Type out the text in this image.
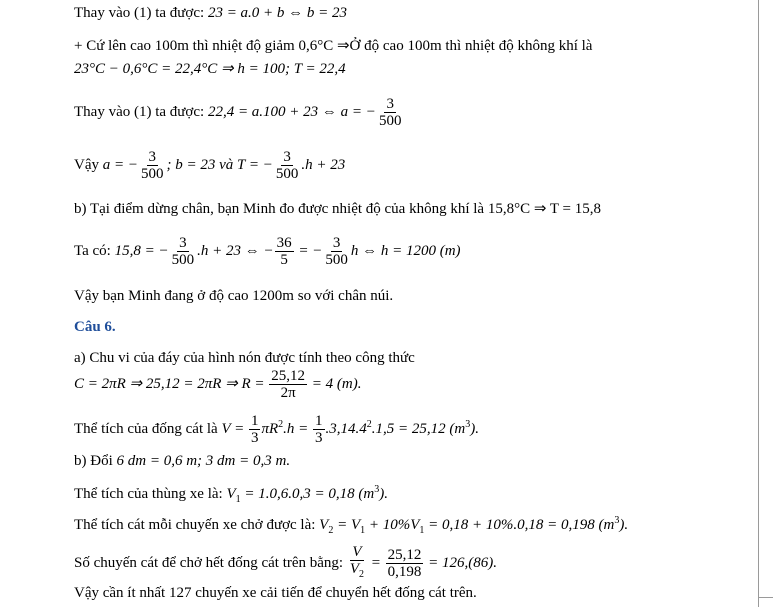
Thay vào (1) ta được: 23 = a.0 + b ⇔ b = 23
+ Cứ lên cao 100m thì nhiệt độ giảm 0,6°C ⇒Ở độ cao 100m thì nhiệt độ không khí là
23°C − 0,6°C = 22,4°C ⇒ h = 100; T = 22,4
Thay vào (1) ta được: 22,4 = a.100 + 23 ⇔ a = − $\frac{3}{500}$
Vậy a = − $\frac{3}{500}$ ; b = 23 và T = − $\frac{3}{500} .h + 23$
b) Tại điểm dừng chân, bạn Minh đo được nhiệt độ của không khí là 15,8°C ⇒ T = 15,8
Ta có: 15,8 = − $\frac{3}{500} .h + 23$ ⇔ − $\frac{36}{5}$ = − $\frac{3}{500}$ h ⇔ h = 1200 (m)
Vậy bạn Minh đang ở độ cao 1200m so với chân núi.
Câu 6.
a) Chu vi của đáy của hình nón được tính theo công thức
C = 2πR ⇒ 25,12 = 2πR ⇒ $R = \frac{25,12}{2\pi} = 4$ (m).
Thể tích của đống cát là $V = \frac{1}{3} \pi R^2.h = \frac{1}{3} .3,14.4^2.1,5 = 25,12$ $(m^3)$.
b) Đổi 6 dm = 0,6 m; 3 dm = 0,3 m.
Thể tích của thùng xe là: $V_1 = 1.0,6.0,3 = 0,18$ $(m^3)$.
Thể tích cát mỗi chuyến xe chở được là: $V_2 = V_1 + 10\%V_1 = 0,18 + 10\%.0,18 = 0,198$ $(m^3)$.
Số chuyến cát để chở hết đống cát trên bằng: $\frac{V}{V_2} = \frac{25,12}{0,198} = 126,(86)$.
Vậy cần ít nhất 127 chuyến xe cải tiến để chuyển hết đống cát trên.
